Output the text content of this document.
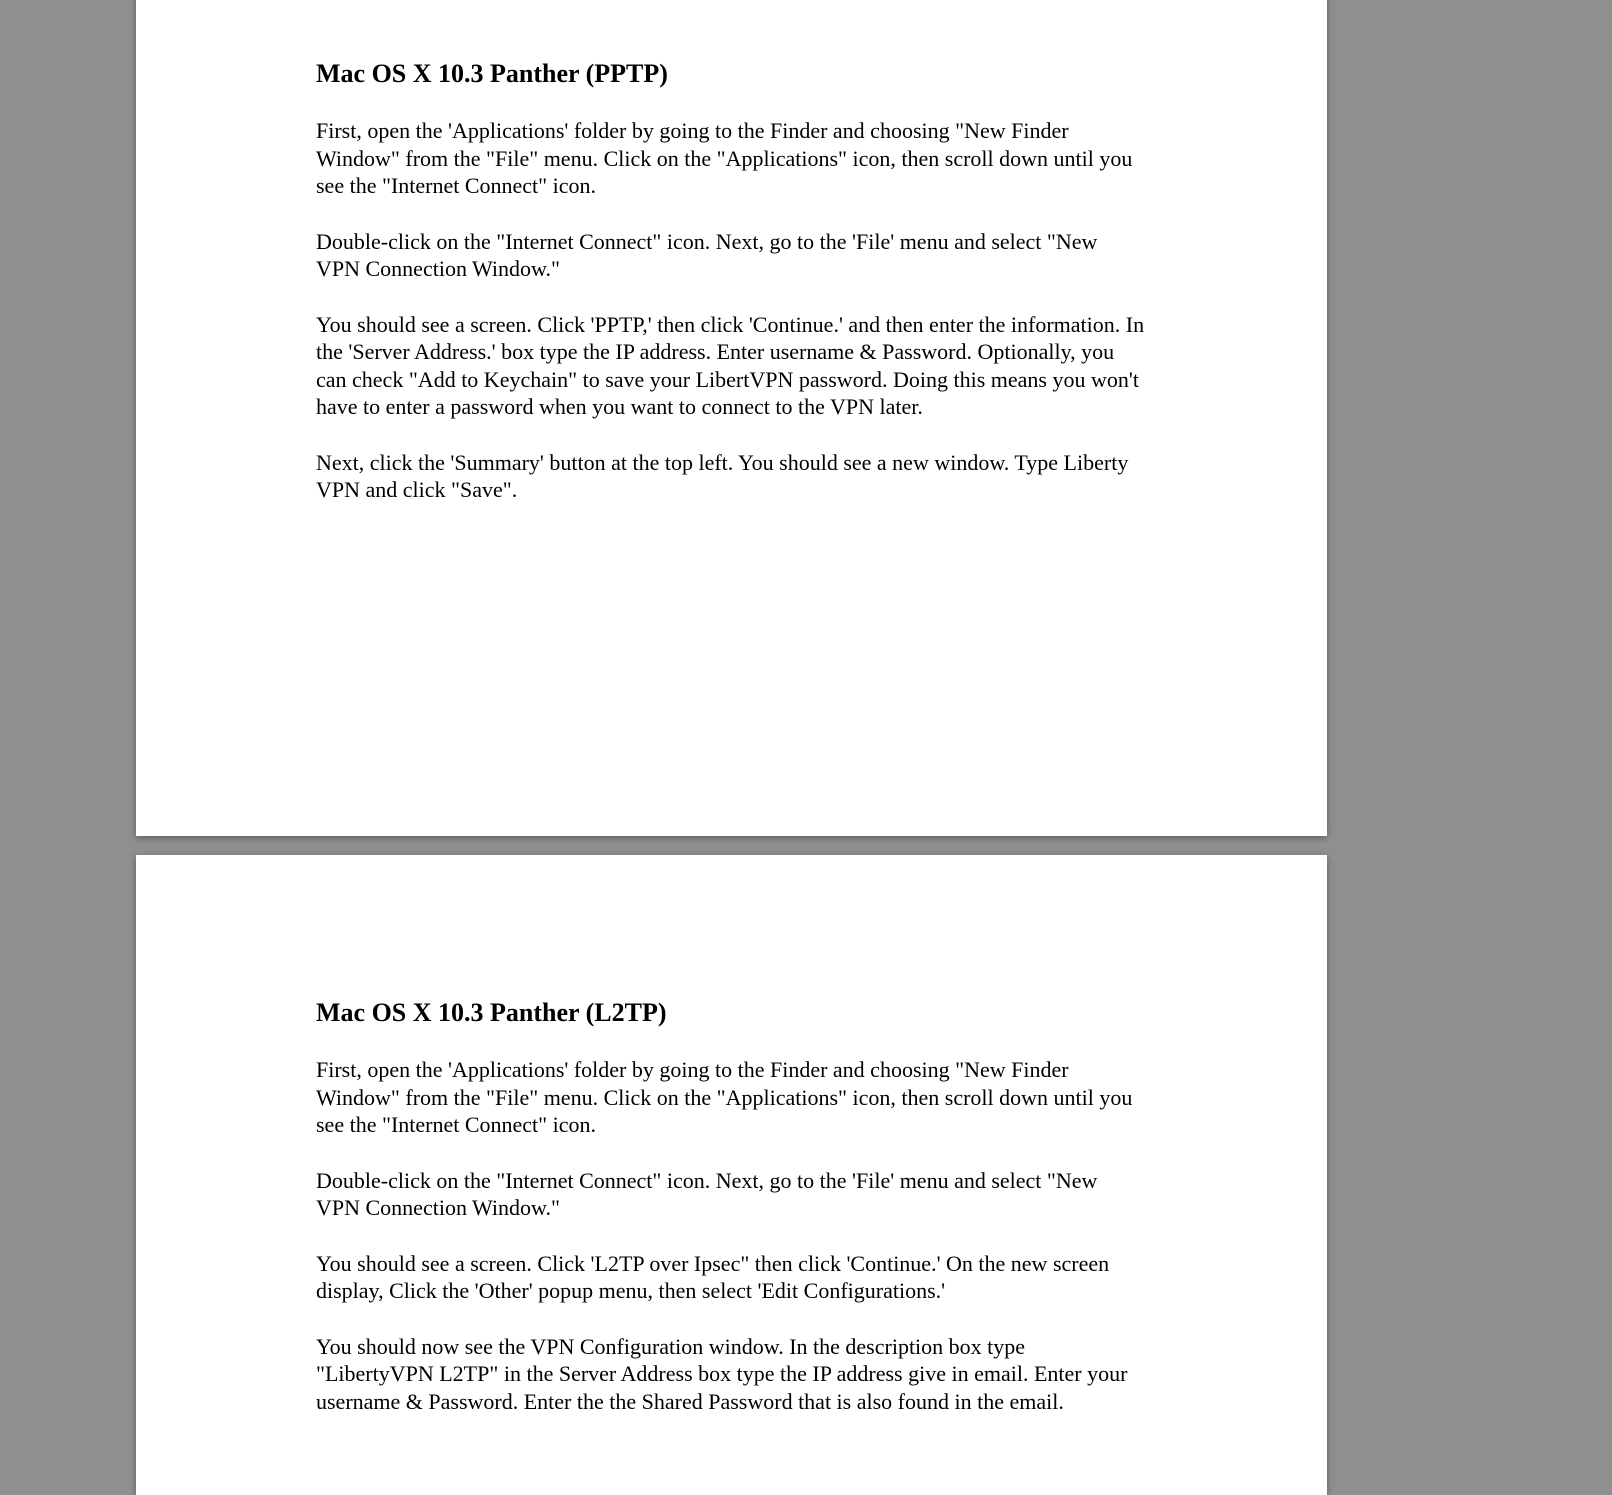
Mac OS X 10.3 Panther (PPTP)

First, open the 'Applications' folder by going to the Finder and choosing "New Finder Window" from the "File" menu. Click on the "Applications" icon, then scroll down until you see the "Internet Connect" icon.

Double-click on the "Internet Connect" icon. Next, go to the 'File' menu and select "New VPN Connection Window."

You should see a screen. Click 'PPTP,' then click 'Continue.' and then enter the information. In the 'Server Address.' box type the IP address. Enter username & Password. Optionally, you can check "Add to Keychain" to save your LibertVPN password. Doing this means you won't have to enter a password when you want to connect to the VPN later.

Next, click the 'Summary' button at the top left. You should see a new window. Type Liberty VPN and click "Save".

Mac OS X 10.3 Panther (L2TP)

First, open the 'Applications' folder by going to the Finder and choosing "New Finder Window" from the "File" menu. Click on the "Applications" icon, then scroll down until you see the "Internet Connect" icon.

Double-click on the "Internet Connect" icon. Next, go to the 'File' menu and select "New VPN Connection Window."

You should see a screen. Click 'L2TP over Ipsec" then click 'Continue.' On the new screen display, Click the 'Other' popup menu, then select 'Edit Configurations.'

You should now see the VPN Configuration window. In the description box type "LibertyVPN L2TP" in the Server Address box type the IP address give in email. Enter your username & Password. Enter the the Shared Password that is also found in the email.
